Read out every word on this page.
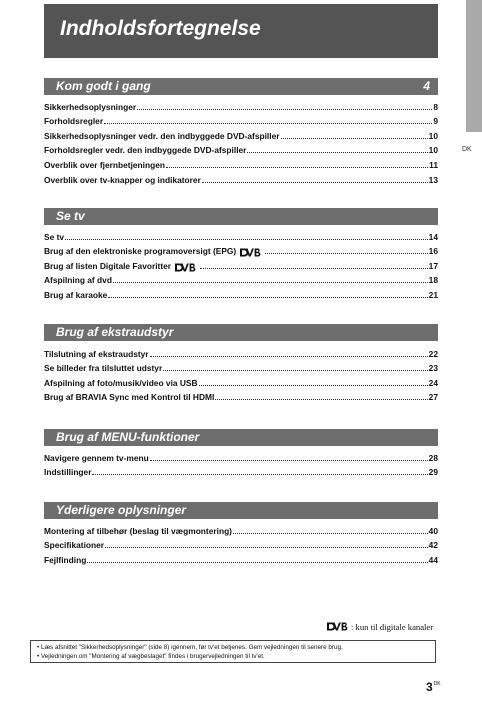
DK
Indholdsfortegnelse
Kom godt i gang	4
Sikkerhedsoplysninger	8
Forholdsregler	9
Sikkerhedsoplysninger vedr. den indbyggede DVD-afspiller	10
Forholdsregler vedr. den indbyggede DVD-afspiller	10
Overblik over fjernbetjeningen	11
Overblik over tv-knapper og indikatorer	13
Se tv
Se tv	14
Brug af den elektroniske programoversigt (EPG)	16
Brug af listen Digitale Favoritter	17
Afspilning af dvd	18
Brug af karaoke	21
Brug af ekstraudstyr
Tilslutning af ekstraudstyr	22
Se billeder fra tilsluttet udstyr	23
Afspilning af foto/musik/video via USB	24
Brug af BRAVIA Sync med Kontrol til HDMI	27
Brug af MENU-funktioner
Navigere gennem tv-menu	28
Indstillinger	29
Yderligere oplysninger
Montering af tilbehør (beslag til vægmontering)	40
Specifikationer	42
Fejlfinding	44
: kun til digitale kanaler
• Læs afsnittet "Sikkerhedsoplysninger" (side 8) igennem, før tv'et betjenes. Gem vejledningen til senere brug.
• Vejledningen om "Montering af vægbeslaget" findes i brugervejledningen til tv'et.
$3^{DK}$
